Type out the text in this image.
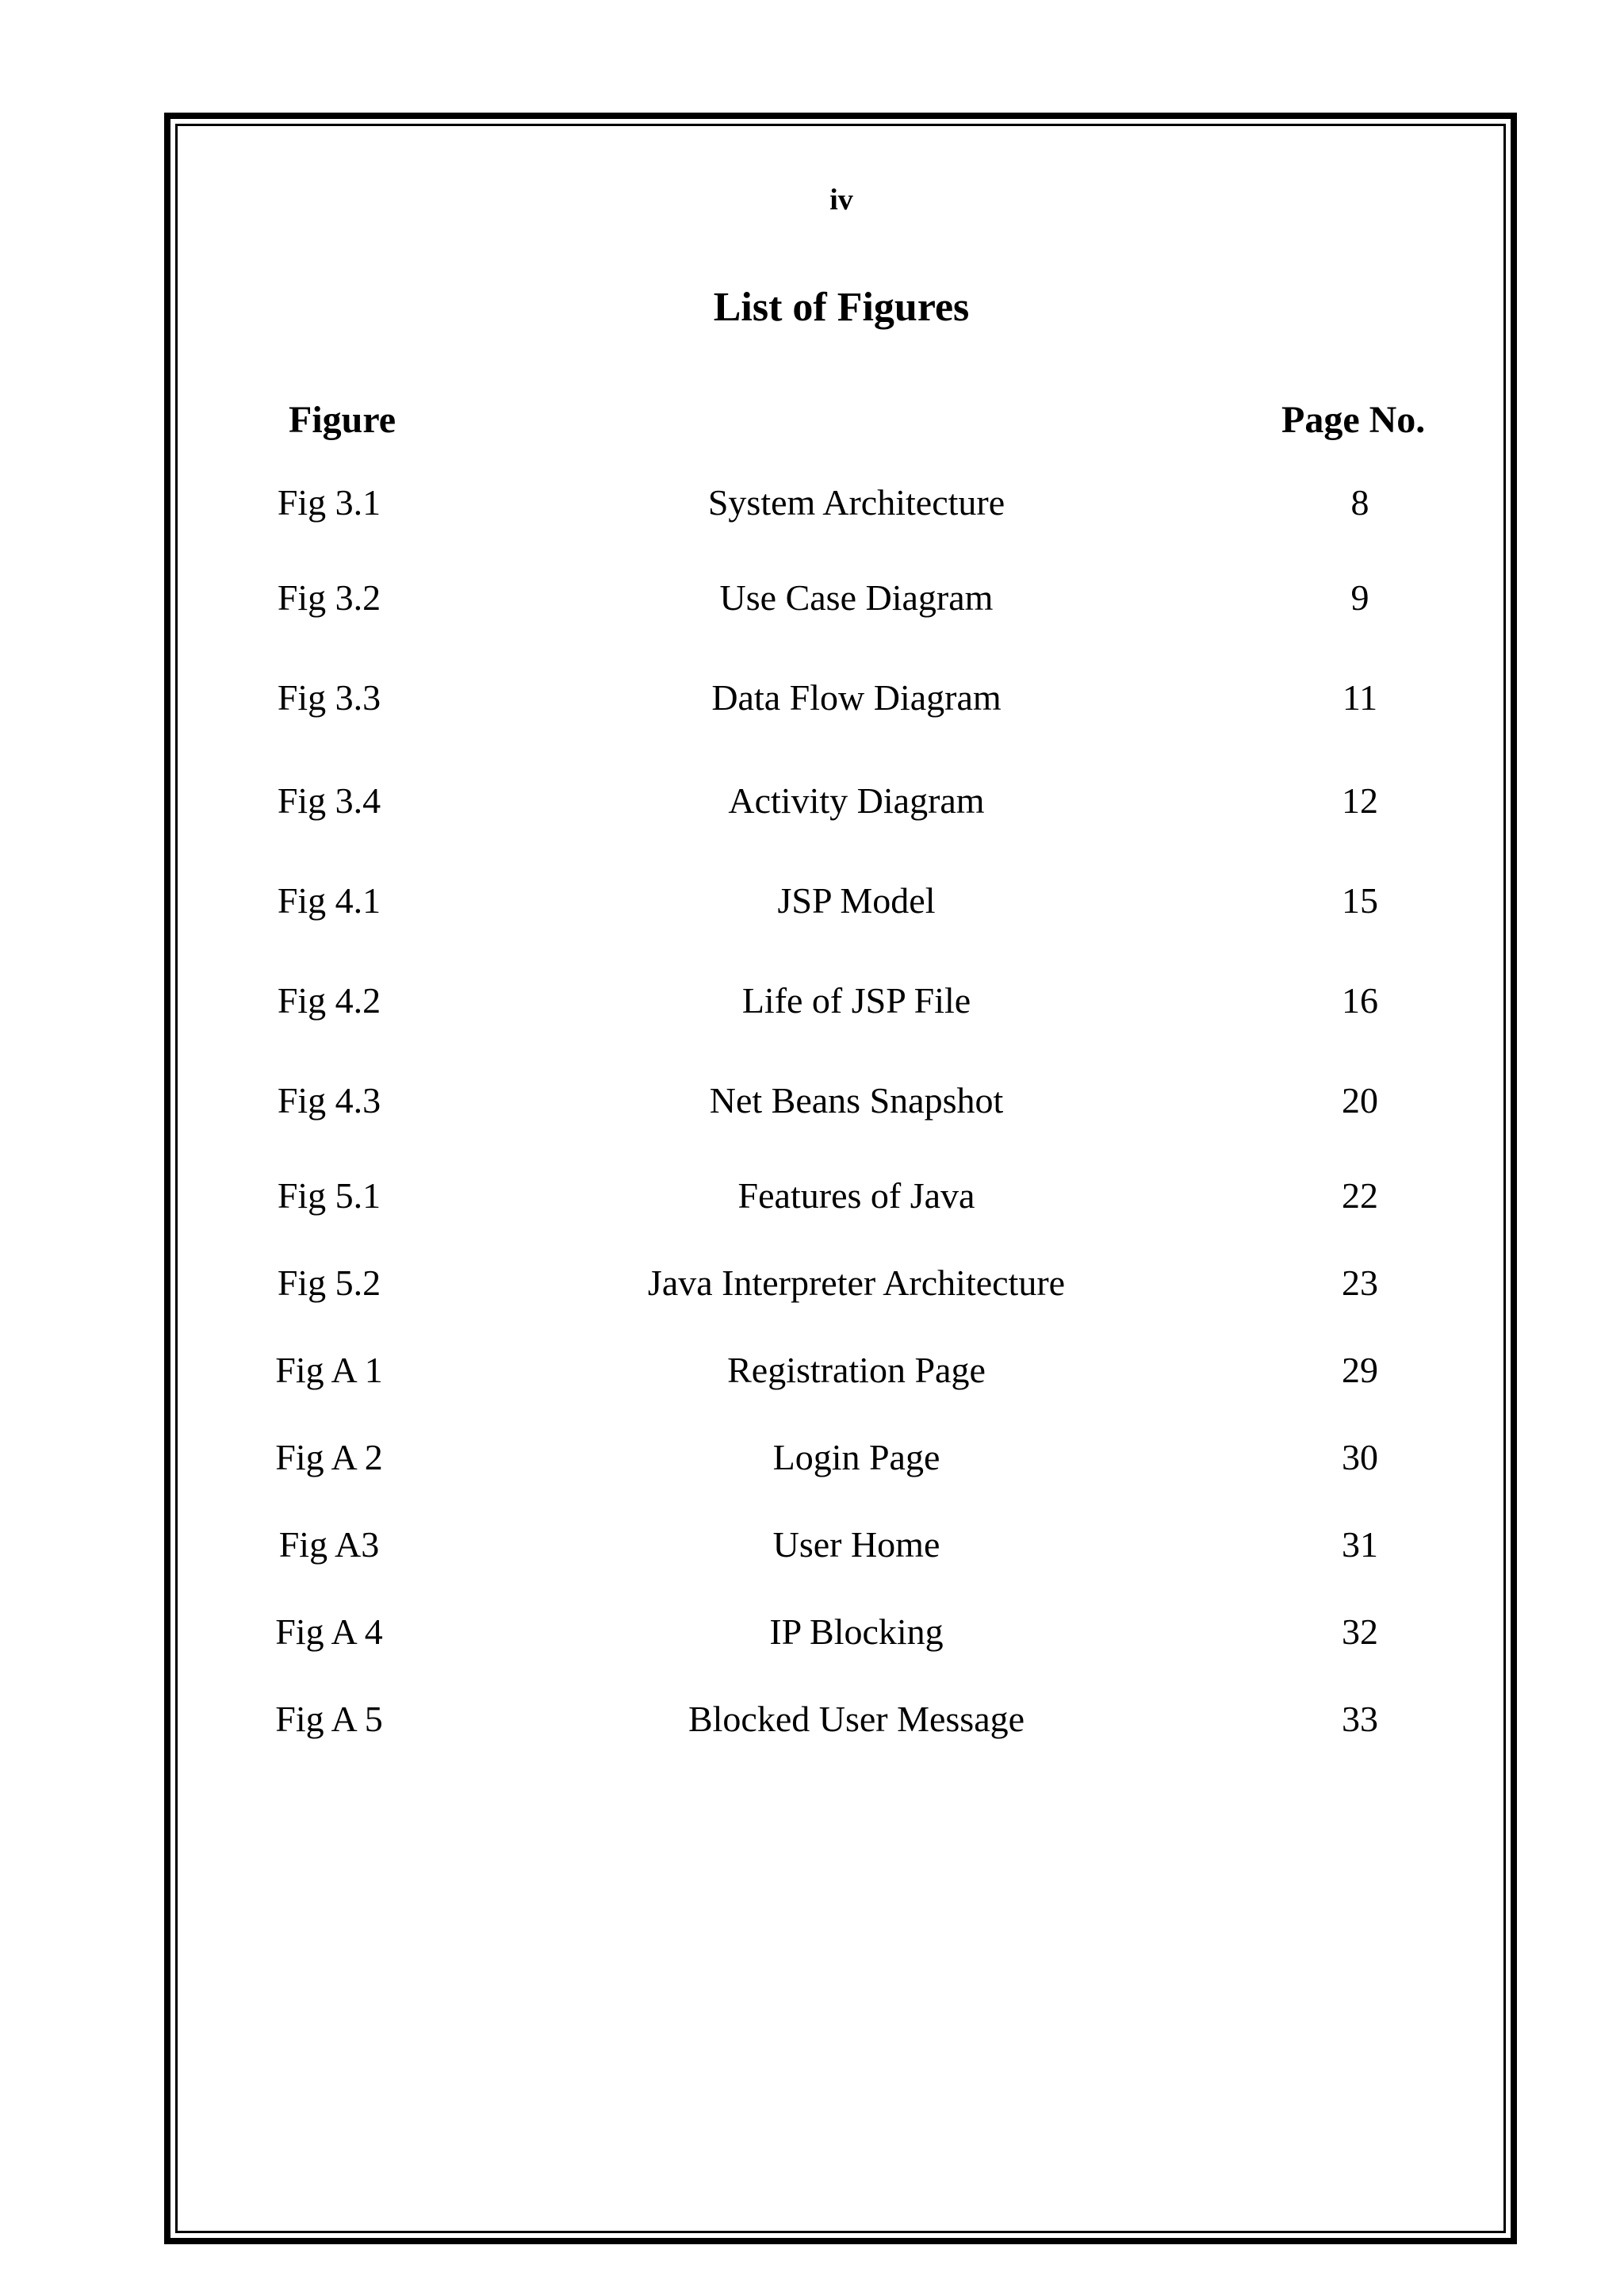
iv
List of Figures
Figure	Page No.
Fig 3.1	System Architecture	8
Fig 3.2	Use Case Diagram	9
Fig 3.3	Data Flow Diagram	11
Fig 3.4	Activity Diagram	12
Fig 4.1	JSP Model	15
Fig 4.2	Life of JSP File	16
Fig 4.3	Net Beans Snapshot	20
Fig 5.1	Features of Java	22
Fig 5.2	Java Interpreter Architecture	23
Fig A 1	Registration Page	29
Fig A 2	Login Page	30
Fig A3	User Home	31
Fig A 4	IP Blocking	32
Fig A 5	Blocked User Message	33
